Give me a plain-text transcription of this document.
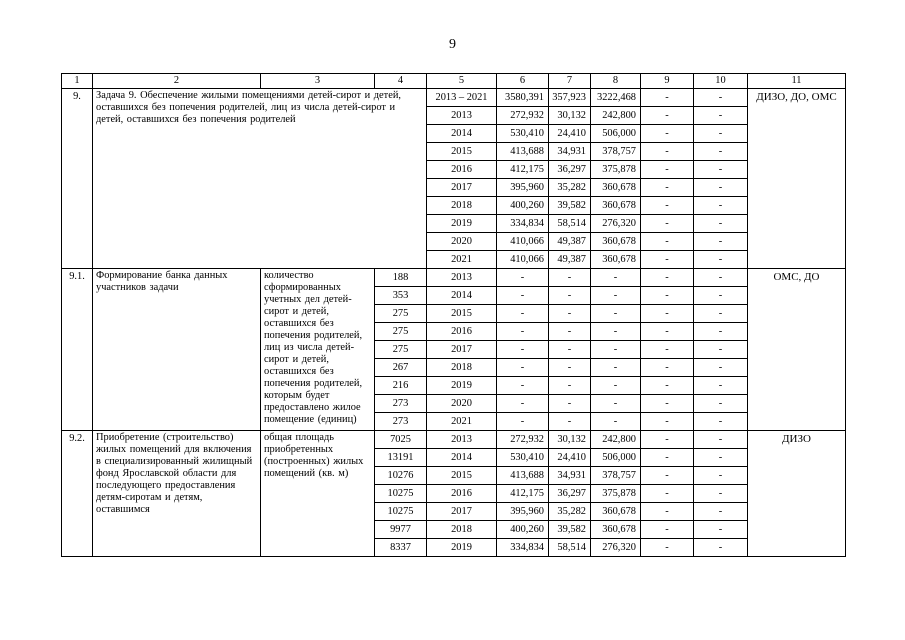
9
1	2	3	4	5	6	7	8	9	10	11
9.	Задача 9. Обеспечение жилыми помещениями детей-сирот и детей, оставшихся без попечения родителей, лиц из числа детей-сирот и детей, оставшихся без попечения родителей			2013 – 2021	3580,391	357,923	3222,468	-	-	ДИЗО, ДО, ОМС
				2013	272,932	30,132	242,800	-	-	
				2014	530,410	24,410	506,000	-	-	
				2015	413,688	34,931	378,757	-	-	
				2016	412,175	36,297	375,878	-	-	
				2017	395,960	35,282	360,678	-	-	
				2018	400,260	39,582	360,678	-	-	
				2019	334,834	58,514	276,320	-	-	
				2020	410,066	49,387	360,678	-	-	
				2021	410,066	49,387	360,678	-	-	
9.1.	Формирование банка данных участников задачи	количество сформированных учетных дел детей-сирот и детей, оставшихся без попечения родителей, лиц из числа детей-сирот и детей, оставшихся без попечения родителей, которым будет предоставлено жилое помещение (единиц)	188	2013	-	-	-	-	-	ОМС, ДО
			353	2014	-	-	-	-	-	
			275	2015	-	-	-	-	-	
			275	2016	-	-	-	-	-	
			275	2017	-	-	-	-	-	
			267	2018	-	-	-	-	-	
			216	2019	-	-	-	-	-	
			273	2020	-	-	-	-	-	
			273	2021	-	-	-	-	-	
9.2.	Приобретение (строительство) жилых помещений для включения в специализированный жилищный фонд Ярославской области для последующего предоставления детям-сиротам и детям, оставшимся	общая площадь приобретенных (построенных) жилых помещений (кв. м)	7025	2013	272,932	30,132	242,800	-	-	ДИЗО
			13191	2014	530,410	24,410	506,000	-	-	
			10276	2015	413,688	34,931	378,757	-	-	
			10275	2016	412,175	36,297	375,878	-	-	
			10275	2017	395,960	35,282	360,678	-	-	
			9977	2018	400,260	39,582	360,678	-	-	
			8337	2019	334,834	58,514	276,320	-	-	
